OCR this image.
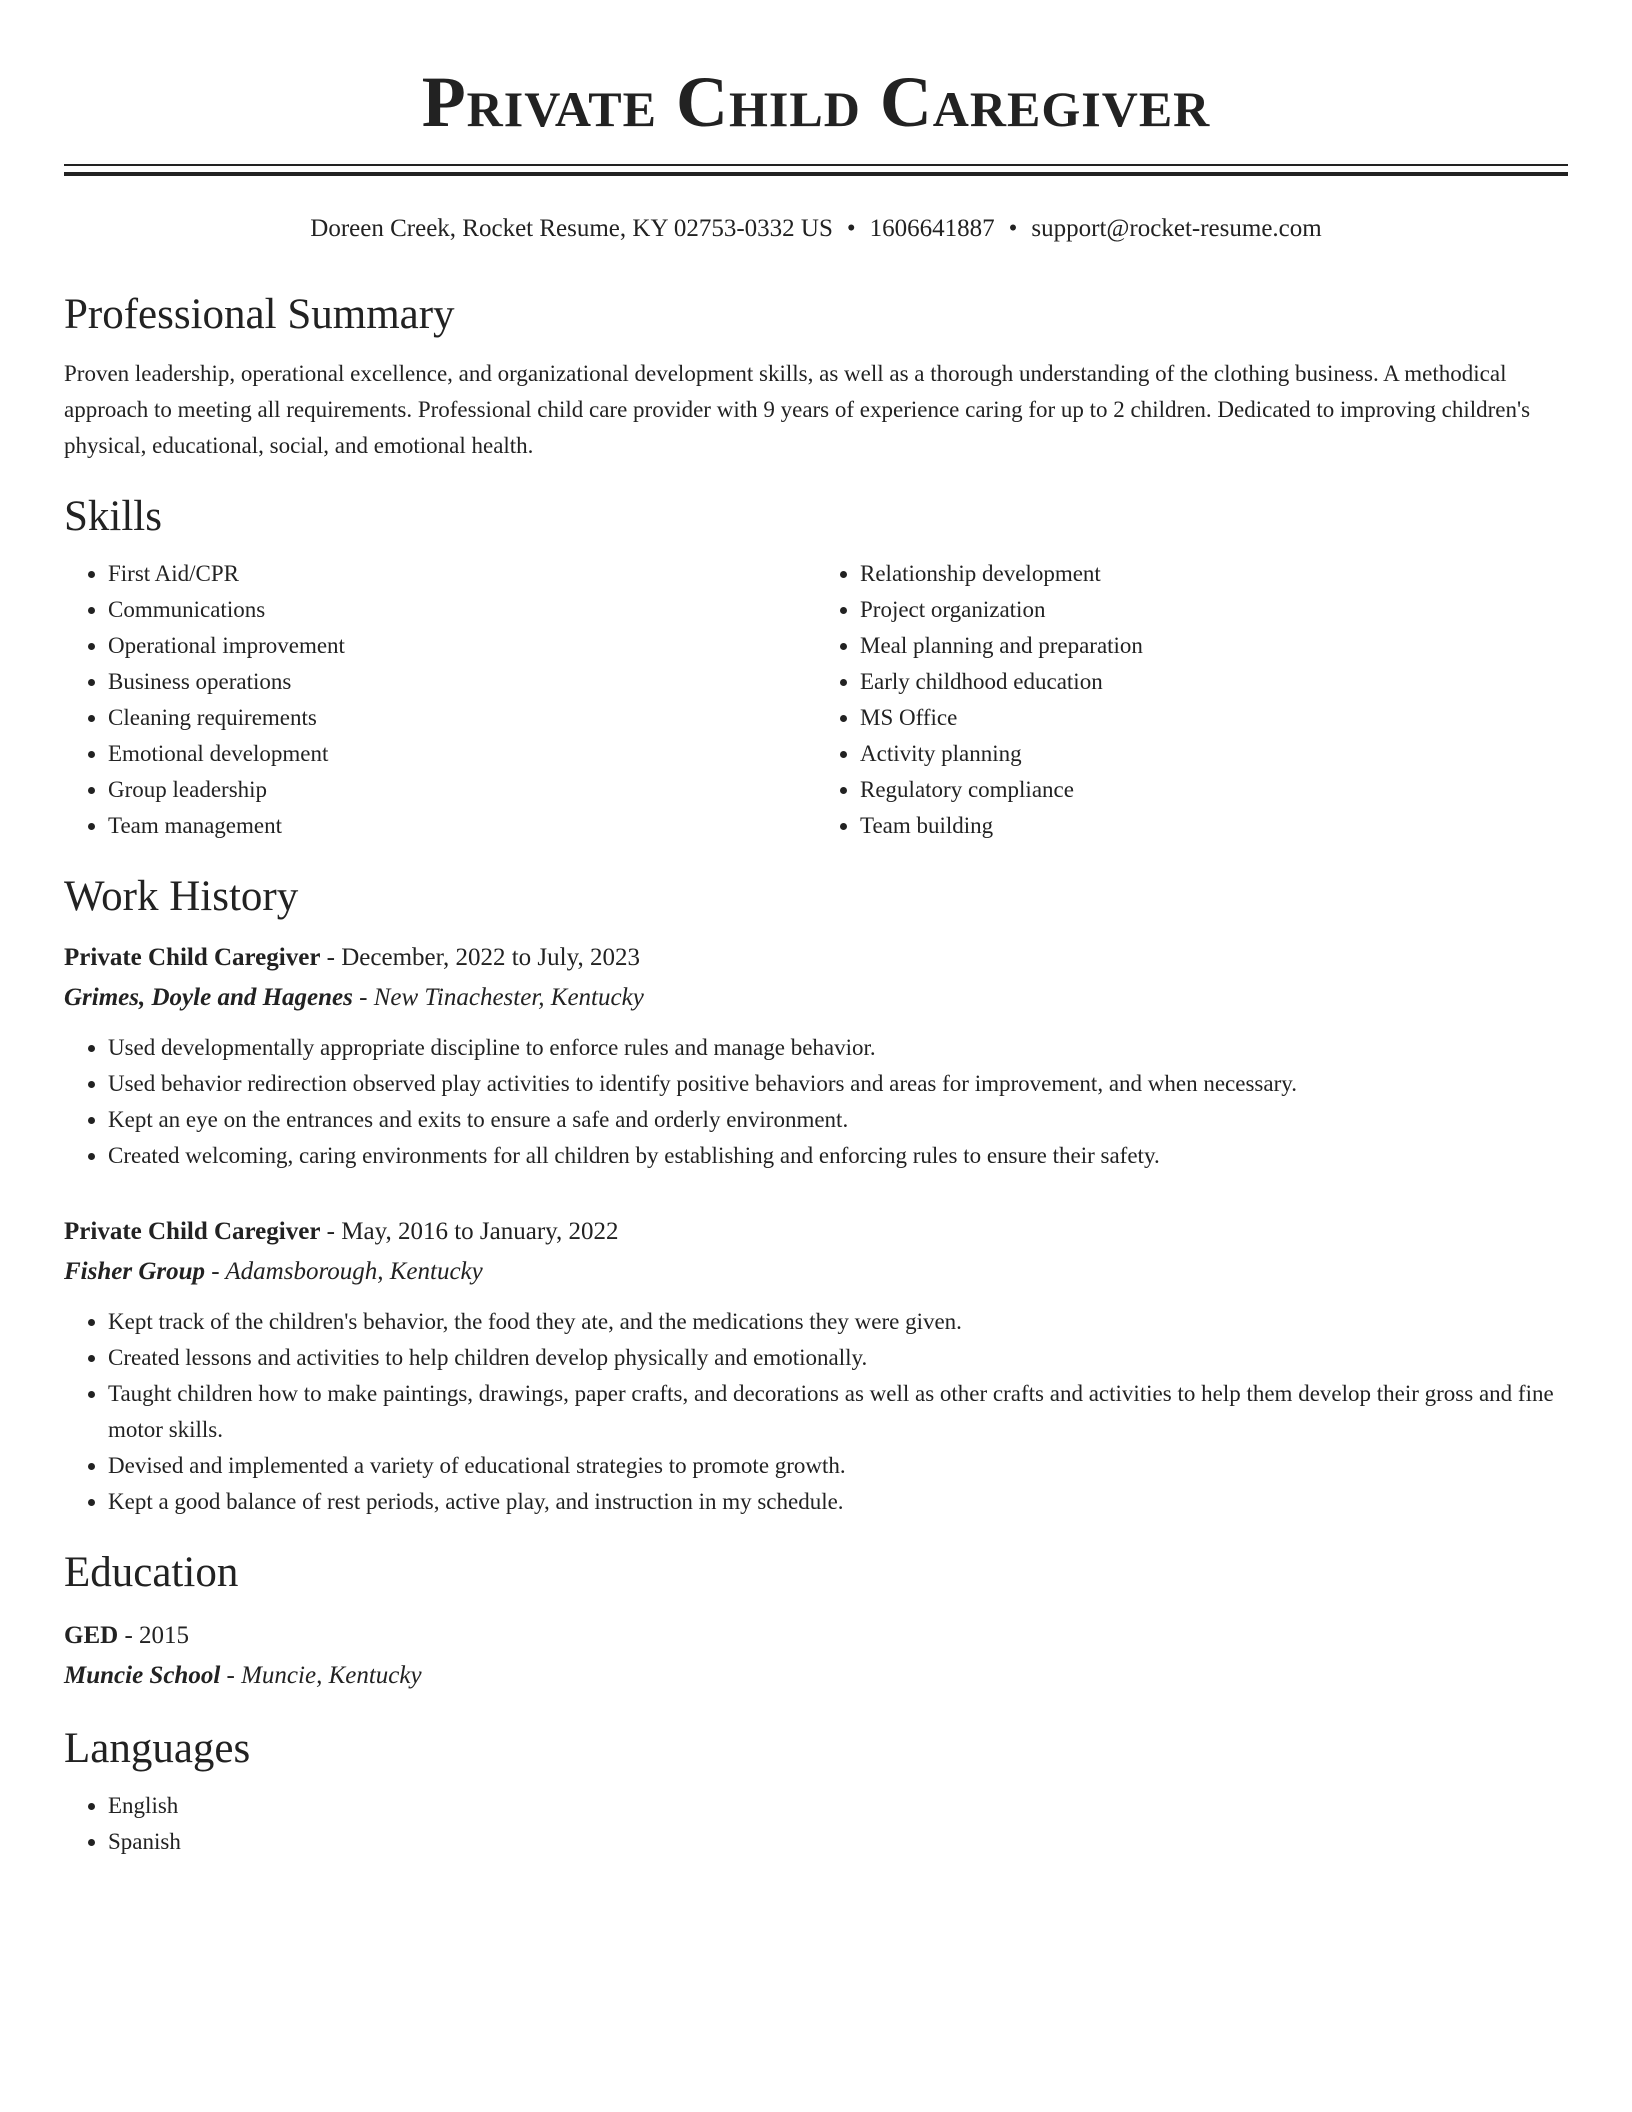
Private Child Caregiver
Doreen Creek, Rocket Resume, KY 02753-0332 US • 1606641887 • support@rocket-resume.com
Professional Summary

Proven leadership, operational excellence, and organizational development skills, as well as a thorough understanding of the clothing business. A methodical approach to meeting all requirements. Professional child care provider with 9 years of experience caring for up to 2 children. Dedicated to improving children's physical, educational, social, and emotional health.

Skills
• First Aid/CPR
• Communications
• Operational improvement
• Business operations
• Cleaning requirements
• Emotional development
• Group leadership
• Team management
• Relationship development
• Project organization
• Meal planning and preparation
• Early childhood education
• MS Office
• Activity planning
• Regulatory compliance
• Team building
Work History
Private Child Caregiver - December, 2022 to July, 2023
Grimes, Doyle and Hagenes - New Tinachester, Kentucky
• Used developmentally appropriate discipline to enforce rules and manage behavior.
• Used behavior redirection observed play activities to identify positive behaviors and areas for improvement, and when necessary.
• Kept an eye on the entrances and exits to ensure a safe and orderly environment.
• Created welcoming, caring environments for all children by establishing and enforcing rules to ensure their safety.
Private Child Caregiver - May, 2016 to January, 2022
Fisher Group - Adamsborough, Kentucky
• Kept track of the children's behavior, the food they ate, and the medications they were given.
• Created lessons and activities to help children develop physically and emotionally.
• Taught children how to make paintings, drawings, paper crafts, and decorations as well as other crafts and activities to help them develop their gross and fine motor skills.
• Devised and implemented a variety of educational strategies to promote growth.
• Kept a good balance of rest periods, active play, and instruction in my schedule.
Education
GED - 2015
Muncie School - Muncie, Kentucky
Languages
• English
• Spanish
